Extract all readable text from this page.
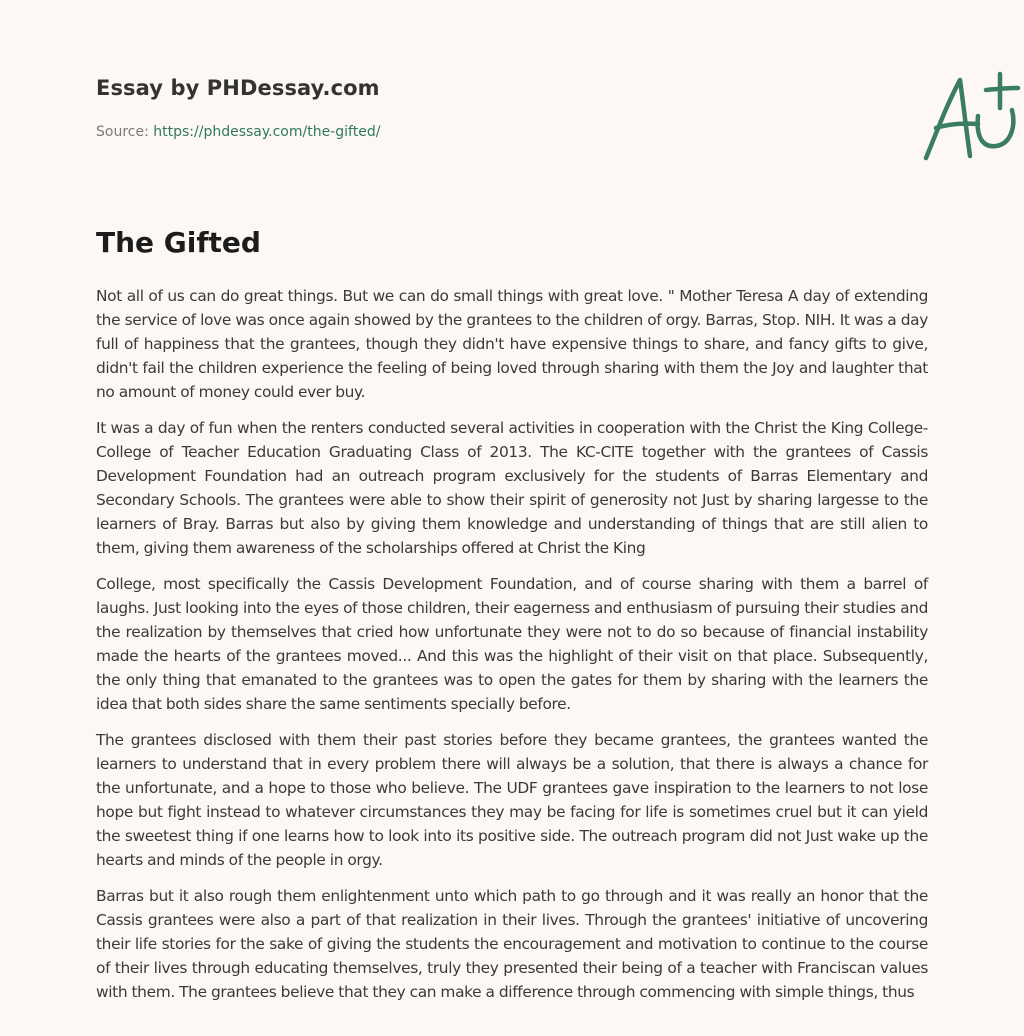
Essay by PHDessay.com
Source: https://phdessay.com/the-gifted/
The Gifted

Not all of us can do great things. But we can do small things with great love. " Mother Teresa A day of extending the service of love was once again showed by the grantees to the children of orgy. Barras, Stop. NIH. It was a day full of happiness that the grantees, though they didn't have expensive things to share, and fancy gifts to give, didn't fail the children experience the feeling of being loved through sharing with them the Joy and laughter that no amount of money could ever buy.

It was a day of fun when the renters conducted several activities in cooperation with the Christ the King College-College of Teacher Education Graduating Class of 2013. The KC-CITE together with the grantees of Cassis Development Foundation had an outreach program exclusively for the students of Barras Elementary and Secondary Schools. The grantees were able to show their spirit of generosity not Just by sharing largesse to the learners of Bray. Barras but also by giving them knowledge and understanding of things that are still alien to them, giving them awareness of the scholarships offered at Christ the King

College, most specifically the Cassis Development Foundation, and of course sharing with them a barrel of laughs. Just looking into the eyes of those children, their eagerness and enthusiasm of pursuing their studies and the realization by themselves that cried how unfortunate they were not to do so because of financial instability made the hearts of the grantees moved... And this was the highlight of their visit on that place. Subsequently, the only thing that emanated to the grantees was to open the gates for them by sharing with the learners the idea that both sides share the same sentiments specially before.

The grantees disclosed with them their past stories before they became grantees, the grantees wanted the learners to understand that in every problem there will always be a solution, that there is always a chance for the unfortunate, and a hope to those who believe. The UDF grantees gave inspiration to the learners to not lose hope but fight instead to whatever circumstances they may be facing for life is sometimes cruel but it can yield the sweetest thing if one learns how to look into its positive side. The outreach program did not Just wake up the hearts and minds of the people in orgy.

Barras but it also rough them enlightenment unto which path to go through and it was really an honor that the Cassis grantees were also a part of that realization in their lives. Through the grantees' initiative of uncovering their life stories for the sake of giving the students the encouragement and motivation to continue to the course of their lives through educating themselves, truly they presented their being of a teacher with Franciscan values with them. The grantees believe that they can make a difference through commencing with simple things, thus
